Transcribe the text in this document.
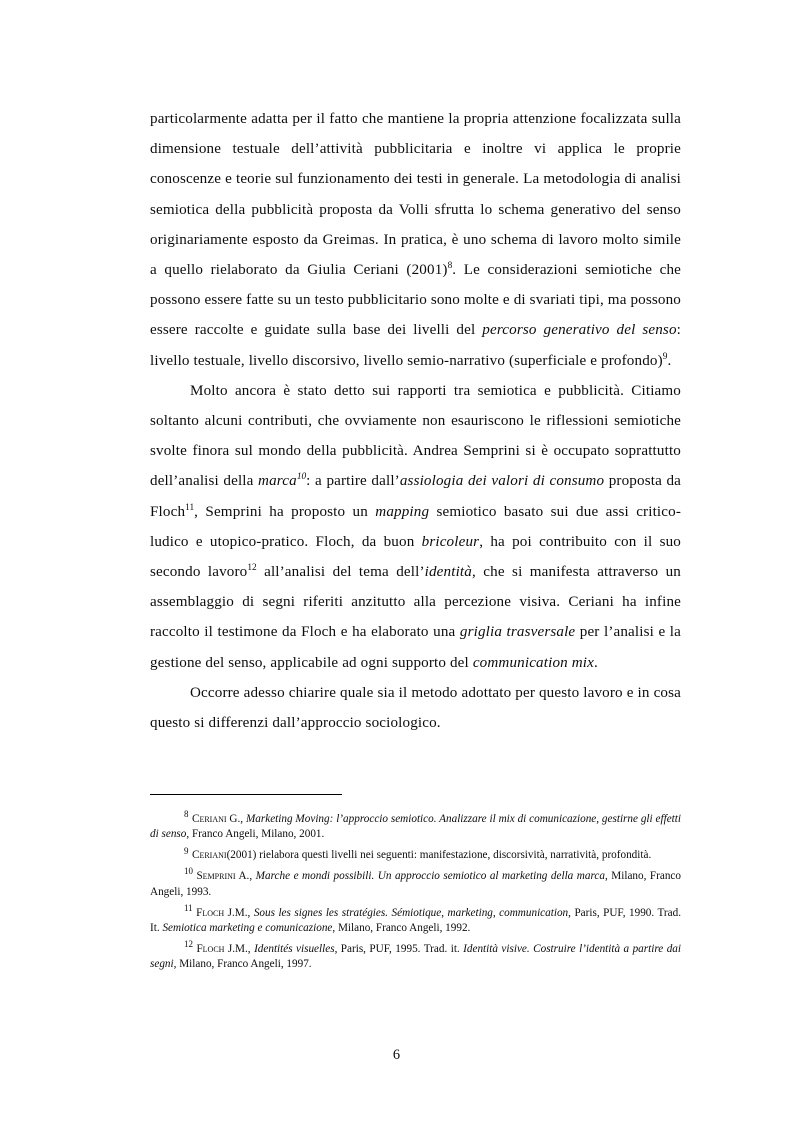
particolarmente adatta per il fatto che mantiene la propria attenzione focalizzata sulla dimensione testuale dell’attività pubblicitaria e inoltre vi applica le proprie conoscenze e teorie sul funzionamento dei testi in generale. La metodologia di analisi semiotica della pubblicità proposta da Volli sfrutta lo schema generativo del senso originariamente esposto da Greimas. In pratica, è uno schema di lavoro molto simile a quello rielaborato da Giulia Ceriani (2001)$^8$. Le considerazioni semiotiche che possono essere fatte su un testo pubblicitario sono molte e di svariati tipi, ma possono essere raccolte e guidate sulla base dei livelli del percorso generativo del senso: livello testuale, livello discorsivo, livello semio-narrativo (superficiale e profondo)$^9$.

Molto ancora è stato detto sui rapporti tra semiotica e pubblicità. Citiamo soltanto alcuni contributi, che ovviamente non esauriscono le riflessioni semiotiche svolte finora sul mondo della pubblicità. Andrea Semprini si è occupato soprattutto dell’analisi della marca$^{10}$: a partire dall’assiologia dei valori di consumo proposta da Floch$^{11}$, Semprini ha proposto un mapping semiotico basato sui due assi critico-ludico e utopico-pratico. Floch, da buon bricoleur, ha poi contribuito con il suo secondo lavoro$^{12}$ all’analisi del tema dell’identità, che si manifesta attraverso un assemblaggio di segni riferiti anzitutto alla percezione visiva. Ceriani ha infine raccolto il testimone da Floch e ha elaborato una griglia trasversale per l’analisi e la gestione del senso, applicabile ad ogni supporto del communication mix.

Occorre adesso chiarire quale sia il metodo adottato per questo lavoro e in cosa questo si differenzi dall’approccio sociologico.

$^8$ Ceriani G., Marketing Moving: l’approccio semiotico. Analizzare il mix di comunicazione, gestirne gli effetti di senso, Franco Angeli, Milano, 2001.

$^9$ Ceriani(2001) rielabora questi livelli nei seguenti: manifestazione, discorsività, narratività, profondità.

$^{10}$ Semprini A., Marche e mondi possibili. Un approccio semiotico al marketing della marca, Milano, Franco Angeli, 1993.

$^{11}$ Floch J.M., Sous les signes les stratégies. Sémiotique, marketing, communication, Paris, PUF, 1990. Trad. It. Semiotica marketing e comunicazione, Milano, Franco Angeli, 1992.

$^{12}$ Floch J.M., Identités visuelles, Paris, PUF, 1995. Trad. it. Identità visive. Costruire l’identità a partire dai segni, Milano, Franco Angeli, 1997.

6
